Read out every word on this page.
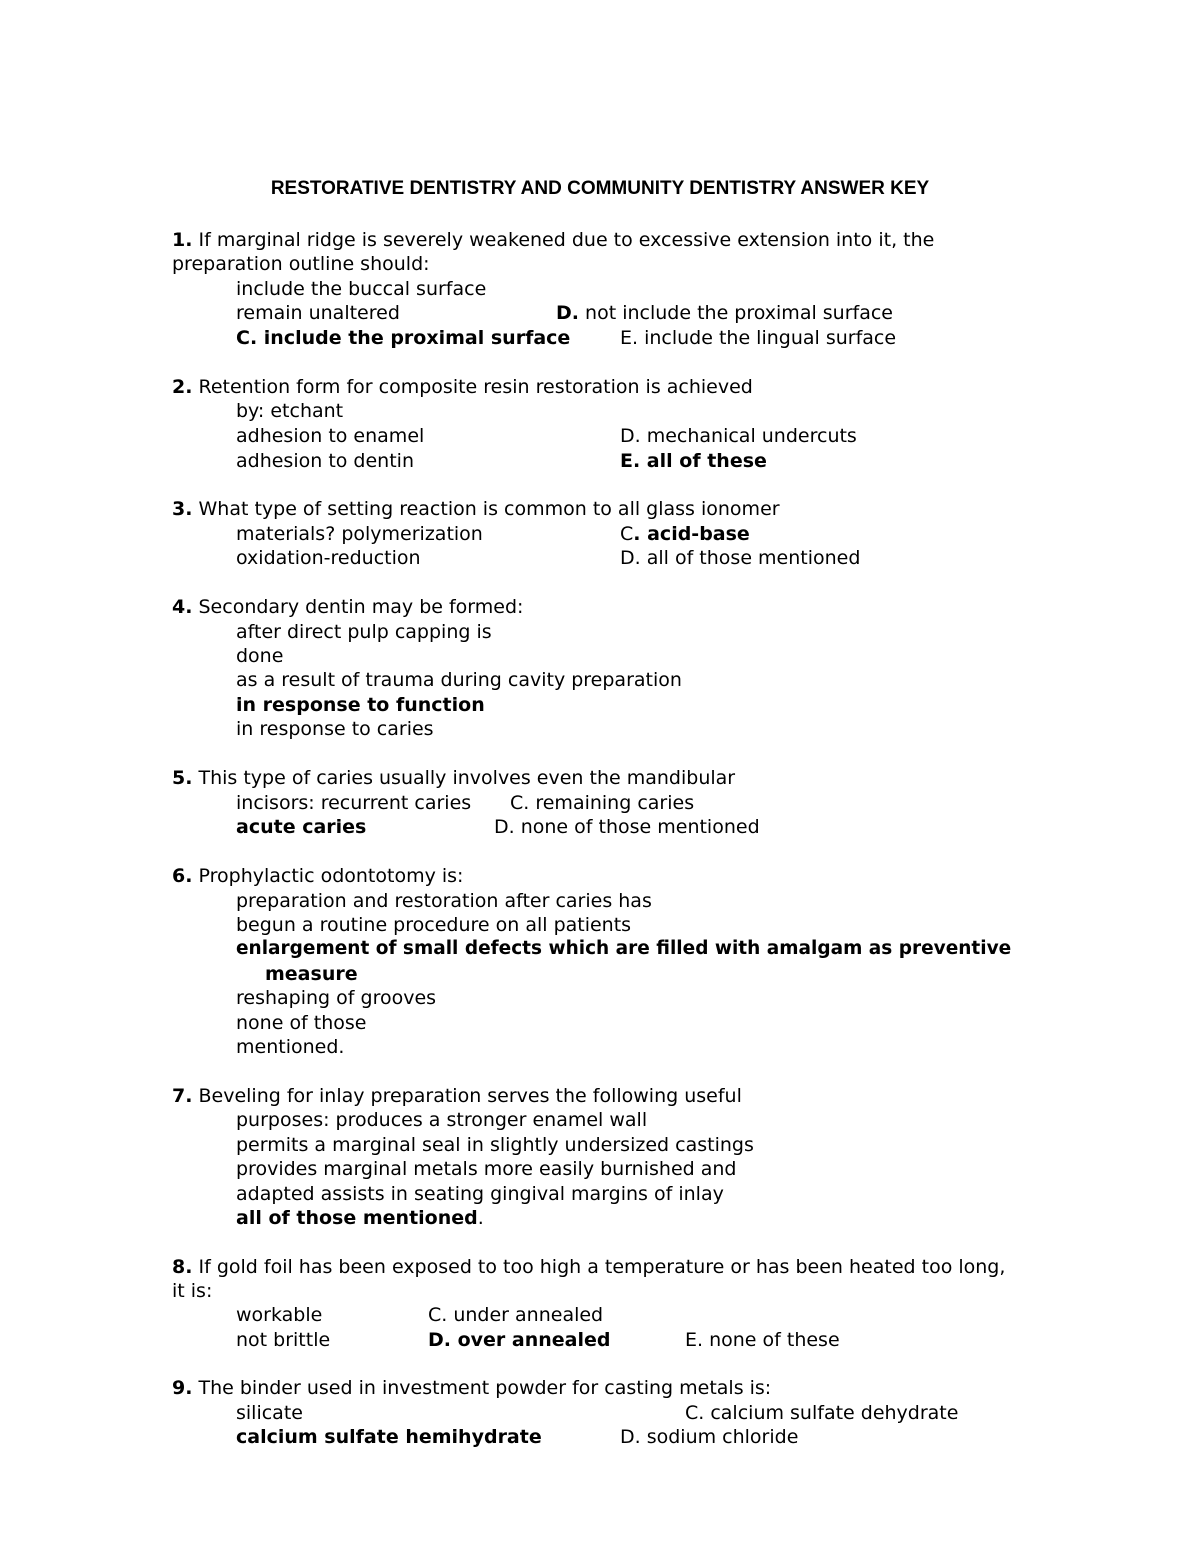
RESTORATIVE DENTISTRY AND COMMUNITY DENTISTRY ANSWER KEY
1. If marginal ridge is severely weakened due to excessive extension into it, the
preparation outline should:
include the buccal surface
remain unaltered	D. not include the proximal surface
C. include the proximal surface	E. include the lingual surface
2. Retention form for composite resin restoration is achieved
by: etchant
adhesion to enamel	D. mechanical undercuts
adhesion to dentin	E. all of these
3. What type of setting reaction is common to all glass ionomer
materials? polymerization	C. acid-base
oxidation-reduction	D. all of those mentioned
4. Secondary dentin may be formed:
after direct pulp capping is
done
as a result of trauma during cavity preparation
in response to function
in response to caries
5. This type of caries usually involves even the mandibular
incisors: recurrent caries C. remaining caries
acute caries	D. none of those mentioned
6. Prophylactic odontotomy is:
preparation and restoration after caries has
begun a routine procedure on all patients
enlargement of small defects which are filled with amalgam as preventive
measure
reshaping of grooves
none of those
mentioned.
7. Beveling for inlay preparation serves the following useful
purposes: produces a stronger enamel wall
permits a marginal seal in slightly undersized castings
provides marginal metals more easily burnished and
adapted assists in seating gingival margins of inlay
all of those mentioned.
8. If gold foil has been exposed to too high a temperature or has been heated too long,
it is:
workable	C. under annealed
not brittle	D. over annealed	E. none of these
9. The binder used in investment powder for casting metals is:
silicate	C. calcium sulfate dehydrate
calcium sulfate hemihydrate	D. sodium chloride
